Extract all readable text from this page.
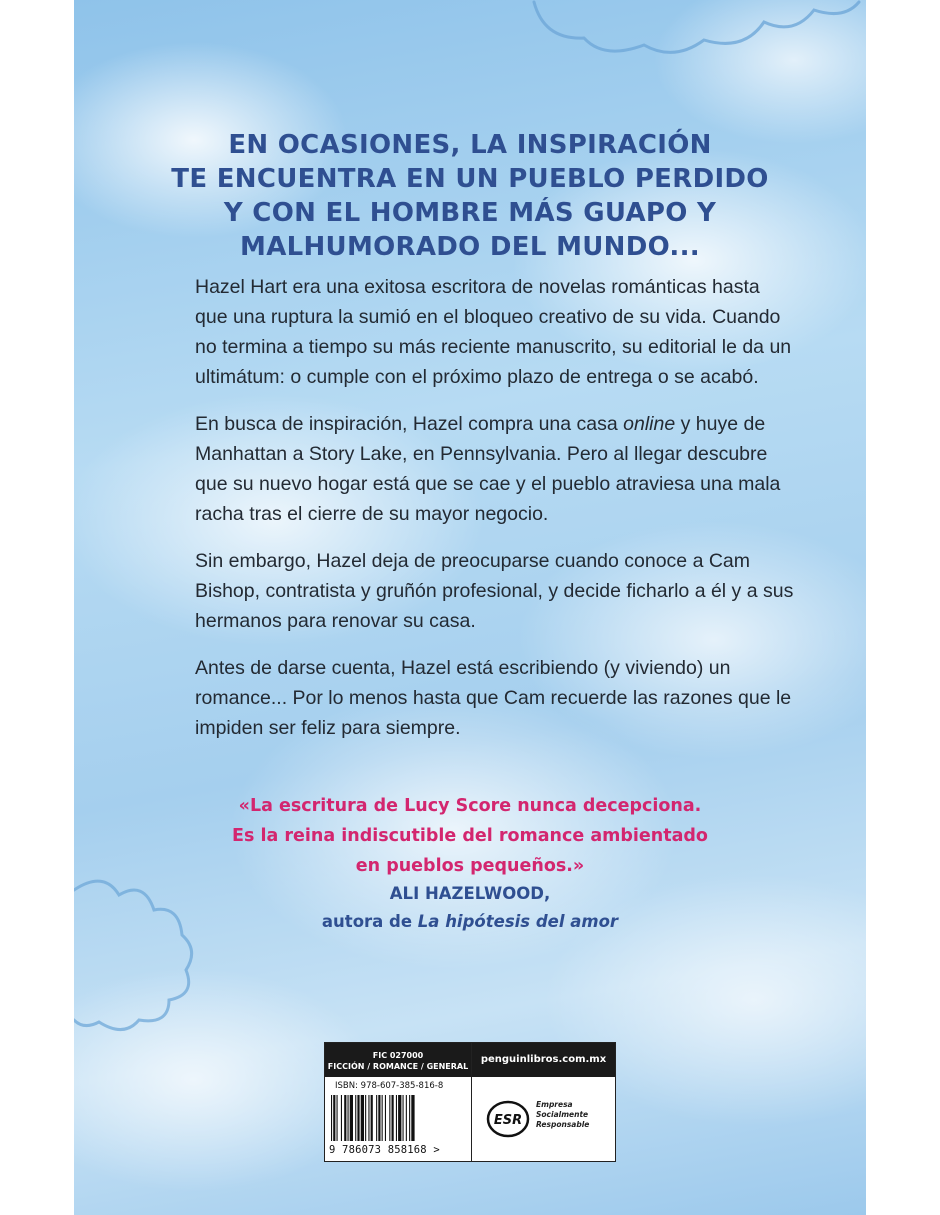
EN OCASIONES, LA INSPIRACIÓN
TE ENCUENTRA EN UN PUEBLO PERDIDO
Y CON EL HOMBRE MÁS GUAPO Y
MALHUMORADO DEL MUNDO...

Hazel Hart era una exitosa escritora de novelas románticas hasta que una ruptura la sumió en el bloqueo creativo de su vida. Cuando no termina a tiempo su más reciente manuscrito, su editorial le da un ultimátum: o cumple con el próximo plazo de entrega o se acabó.

En busca de inspiración, Hazel compra una casa online y huye de Manhattan a Story Lake, en Pennsylvania. Pero al llegar descubre que su nuevo hogar está que se cae y el pueblo atraviesa una mala racha tras el cierre de su mayor negocio.

Sin embargo, Hazel deja de preocuparse cuando conoce a Cam Bishop, contratista y gruñón profesional, y decide ficharlo a él y a sus hermanos para renovar su casa.

Antes de darse cuenta, Hazel está escribiendo (y viviendo) un romance... Por lo menos hasta que Cam recuerde las razones que le impiden ser feliz para siempre.

«La escritura de Lucy Score nunca decepciona.
Es la reina indiscutible del romance ambientado
en pueblos pequeños.»
ALI HAZELWOOD,
autora de La hipótesis del amor
FIC 027000
FICCIÓN / ROMANCE / GENERAL
ISBN: 978-607-385-816-8
9 786073 858168 >
penguinlibros.com.mx
ESR
Empresa
Socialmente
Responsable
